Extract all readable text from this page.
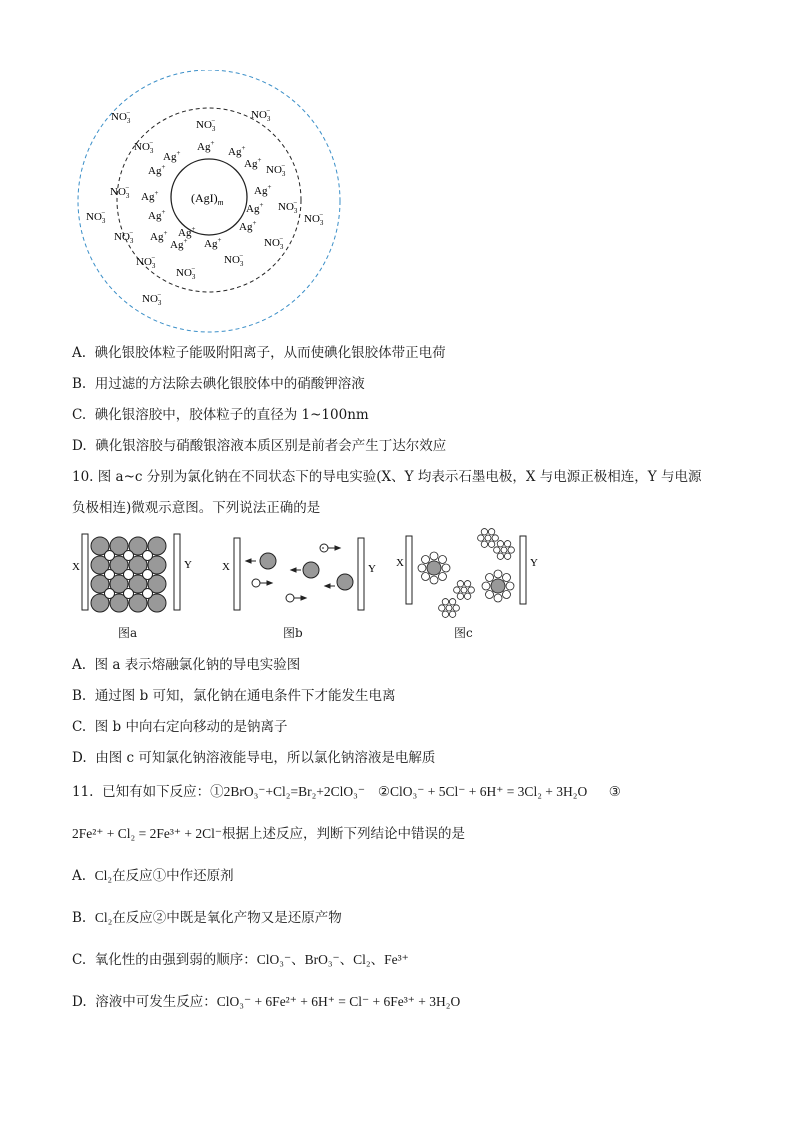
$(AgI)_m$
Ag+
Ag+	Ag+
Ag+	Ag+
Ag+	Ag+
Ag+	Ag+
Ag+	Ag+
Ag+ Ag+
Ag+
$NO_3-$
$NO_3-$	$NO_3-$
$NO_3-$
$NO_3-$
$NO_3-$
$NO_3-$
$NO_3-$	$NO_3-$
$NO_3-$
$NO_3-$
$NO_3-$	$NO_3-$
$NO_3-$
$NO_3-$
A. 碘化银胶体粒子能吸附阳离子，从而使碘化银胶体带正电荷
B. 用过滤的方法除去碘化银胶体中的硝酸钾溶液
C. 碘化银溶胶中，胶体粒子的直径为 1~100nm
D. 碘化银溶胶与硝酸银溶液本质区别是前者会产生丁达尔效应
10. 图 a~c 分别为氯化钠在不同状态下的导电实验(X、Y 均表示石墨电极，X 与电源正极相连，Y 与电源
负极相连)微观示意图。下列说法正确的是
X	Y
图a
X	Y
图b
X	Y
图c
A. 图 a 表示熔融氯化钠的导电实验图
B. 通过图 b 可知，氯化钠在通电条件下才能发生电离
C. 图 b 中向右定向移动的是钠离子
D. 由图 c 可知氯化钠溶液能导电，所以氯化钠溶液是电解质
11. 已知有如下反应：①2BrO₃⁻+Cl₂=Br₂+2ClO₃⁻ ②ClO₃⁻ + 5Cl⁻ + 6H⁺ = 3Cl₂ + 3H₂O ③
2Fe²⁺ + Cl₂ = 2Fe³⁺ + 2Cl⁻根据上述反应，判断下列结论中错误的是
A. Cl₂在反应①中作还原剂
B. Cl₂在反应②中既是氧化产物又是还原产物
C. 氧化性的由强到弱的顺序：ClO₃⁻、BrO₃⁻、Cl₂、Fe³⁺
D. 溶液中可发生反应：ClO₃⁻ + 6Fe²⁺ + 6H⁺ = Cl⁻ + 6Fe³⁺ + 3H₂O
